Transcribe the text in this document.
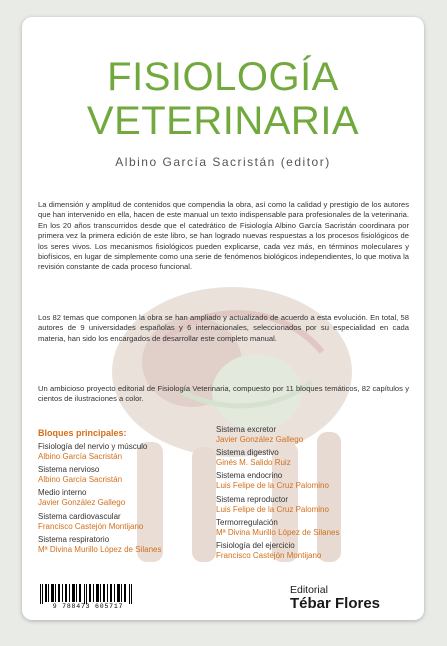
FISIOLOGÍA
VETERINARIA
Albino García Sacristán (editor)
La dimensión y amplitud de contenidos que compendia la obra, así como la calidad y prestigio de los autores que han intervenido en ella, hacen de este manual un texto indispensable para profesionales de la veterinaria. En los 20 años transcurridos desde que el catedrático de Fisiología Albino García Sacristán coordinara por primera vez la primera edición de este libro, se han logrado nuevas respuestas a los procesos fisiológicos de los seres vivos. Los mecanismos fisiológicos pueden explicarse, cada vez más, en términos moleculares y biofísicos, en lugar de simplemente como una serie de fenómenos biológicos independientes, lo que motiva la revisión constante de cada proceso funcional.
Los 82 temas que componen la obra se han ampliado y actualizado de acuerdo a esta evolución. En total, 58 autores de 9 universidades españolas y 6 internacionales, seleccionados por su especialidad en cada materia, han sido los encargados de desarrollar este completo manual.
Un ambicioso proyecto editorial de Fisiología Veterinaria, compuesto por 11 bloques temáticos, 82 capítulos y cientos de ilustraciones a color.
Bloques principales:
Fisiología del nervio y músculo
Albino García Sacristán
Sistema nervioso
Albino García Sacristán
Medio interno
Javier González Gallego
Sistema cardiovascular
Francisco Castejón Montijano
Sistema respiratorio
Mª Divina Murillo López de Silanes
Sistema excretor
Javier González Gallego
Sistema digestivo
Ginés M. Salido Ruiz
Sistema endocrino
Luis Felipe de la Cruz Palomino
Sistema reproductor
Luis Felipe de la Cruz Palomino
Termorregulación
Mª Divina Murillo López de Silanes
Fisiología del ejercicio
Francisco Castejón Montijano
9 788473 605717
Editorial
Tébar Flores
